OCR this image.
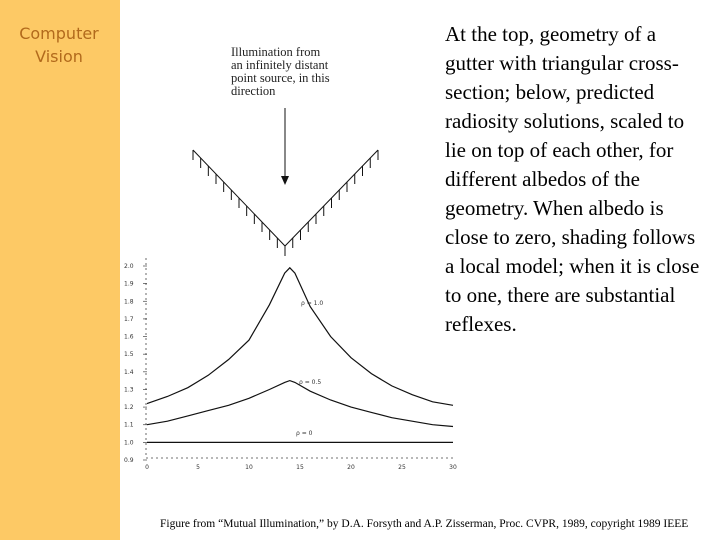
Computer
Vision
0.9
1.0
1.1
1.2
1.3
1.4
1.5
1.6
1.7
1.8
1.9
2.0
0	5	10	15	20	25	30
ρ = 1.0
ρ = 0.5
ρ = 0
Illumination from
an infinitely distant
point source, in this
direction
At the top, geometry of a gutter with triangular cross-section; below, predicted radiosity solutions, scaled to lie on top of each other, for different albedos of the geometry. When albedo is close to zero, shading follows a local model; when it is close to one, there are substantial reflexes.
Figure from “Mutual Illumination,” by D.A. Forsyth and A.P. Zisserman, Proc. CVPR, 1989, copyright 1989 IEEE
